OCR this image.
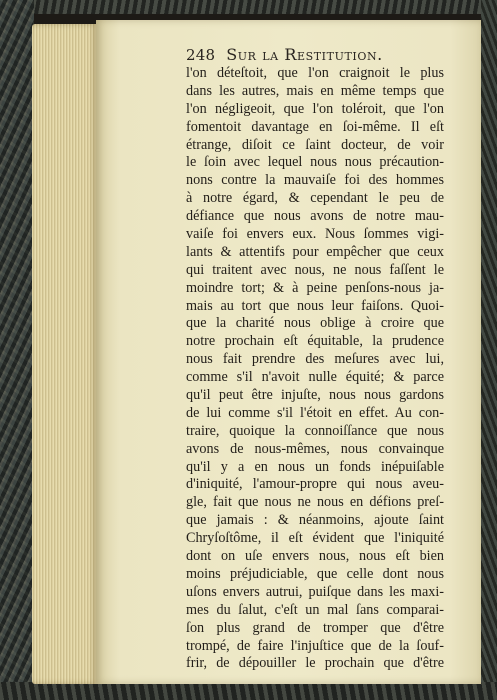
248 Sur la Restitution.
l'on déteſtoit, que l'on craignoit le plus
dans les autres, mais en même temps que
l'on négligeoit, que l'on toléroit, que l'on
fomentoit davantage en ſoi-même. Il eſt
étrange, diſoit ce ſaint docteur, de voir
le ſoin avec lequel nous nous précaution-
nons contre la mauvaiſe foi des hommes
à notre égard, & cependant le peu de
défiance que nous avons de notre mau-
vaiſe foi envers eux. Nous ſommes vigi-
lants & attentifs pour empêcher que ceux
qui traitent avec nous, ne nous faſſent le
moindre tort; & à peine penſons-nous ja-
mais au tort que nous leur faiſons. Quoi-
que la charité nous oblige à croire que
notre prochain eſt équitable, la prudence
nous fait prendre des meſures avec lui,
comme s'il n'avoit nulle équité; & parce
qu'il peut être injuſte, nous nous gardons
de lui comme s'il l'étoit en effet. Au con-
traire, quoique la connoiſſance que nous
avons de nous-mêmes, nous convainque
qu'il y a en nous un fonds inépuiſable
d'iniquité, l'amour-propre qui nous aveu-
gle, fait que nous ne nous en défions preſ-
que jamais : & néanmoins, ajoute ſaint
Chryſoſtôme, il eſt évident que l'iniquité
dont on uſe envers nous, nous eſt bien
moins préjudiciable, que celle dont nous
uſons envers autrui, puiſque dans les maxi-
mes du ſalut, c'eſt un mal ſans comparai-
ſon plus grand de tromper que d'être
trompé, de faire l'injuſtice que de la ſouf-
frir, de dépouiller le prochain que d'être
